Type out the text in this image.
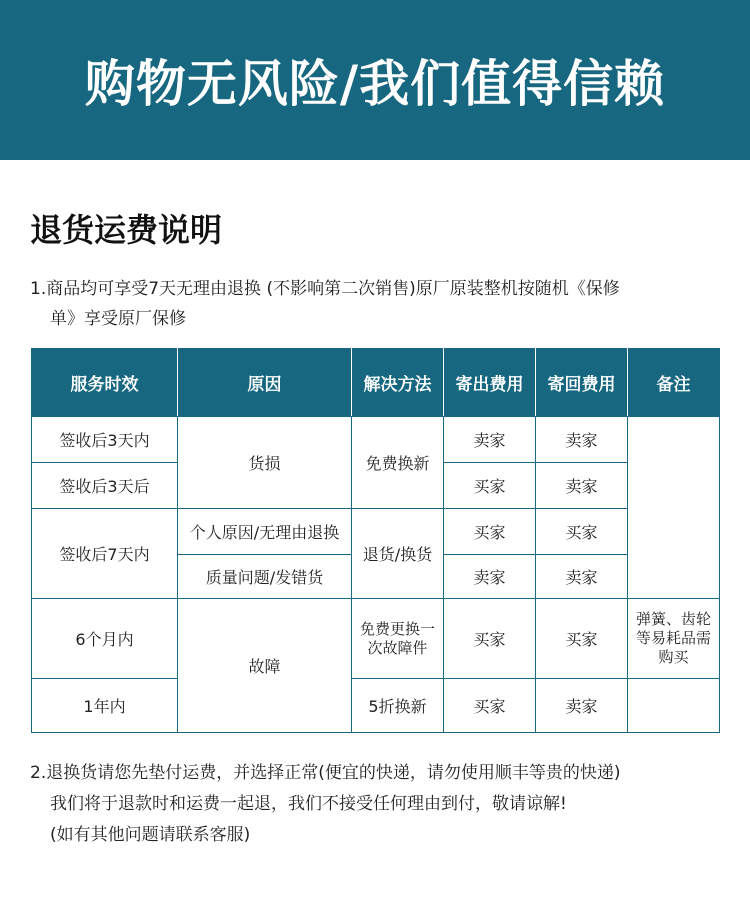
购物无风险/我们值得信赖
退货运费说明
1.商品均可享受7天无理由退换 (不影响第二次销售)原厂原装整机按随机《保修
单》享受原厂保修
服务时效	原因	解决方法	寄出费用	寄回费用	备注
签收后3天内	货损	免费换新	卖家	卖家	
签收后3天后			买家	卖家	
签收后7天内	个人原因/无理由退换	退货/换货	买家	买家	
	质量问题/发错货		卖家	卖家	
6个月内	故障	免费更换一次故障件	买家	买家	弹簧、齿轮等易耗品需购买
1年内		5折换新	买家	卖家	
2.退换货请您先垫付运费，并选择正常(便宜的快递，请勿使用顺丰等贵的快递)
我们将于退款时和运费一起退，我们不接受任何理由到付，敬请谅解!
(如有其他问题请联系客服)
